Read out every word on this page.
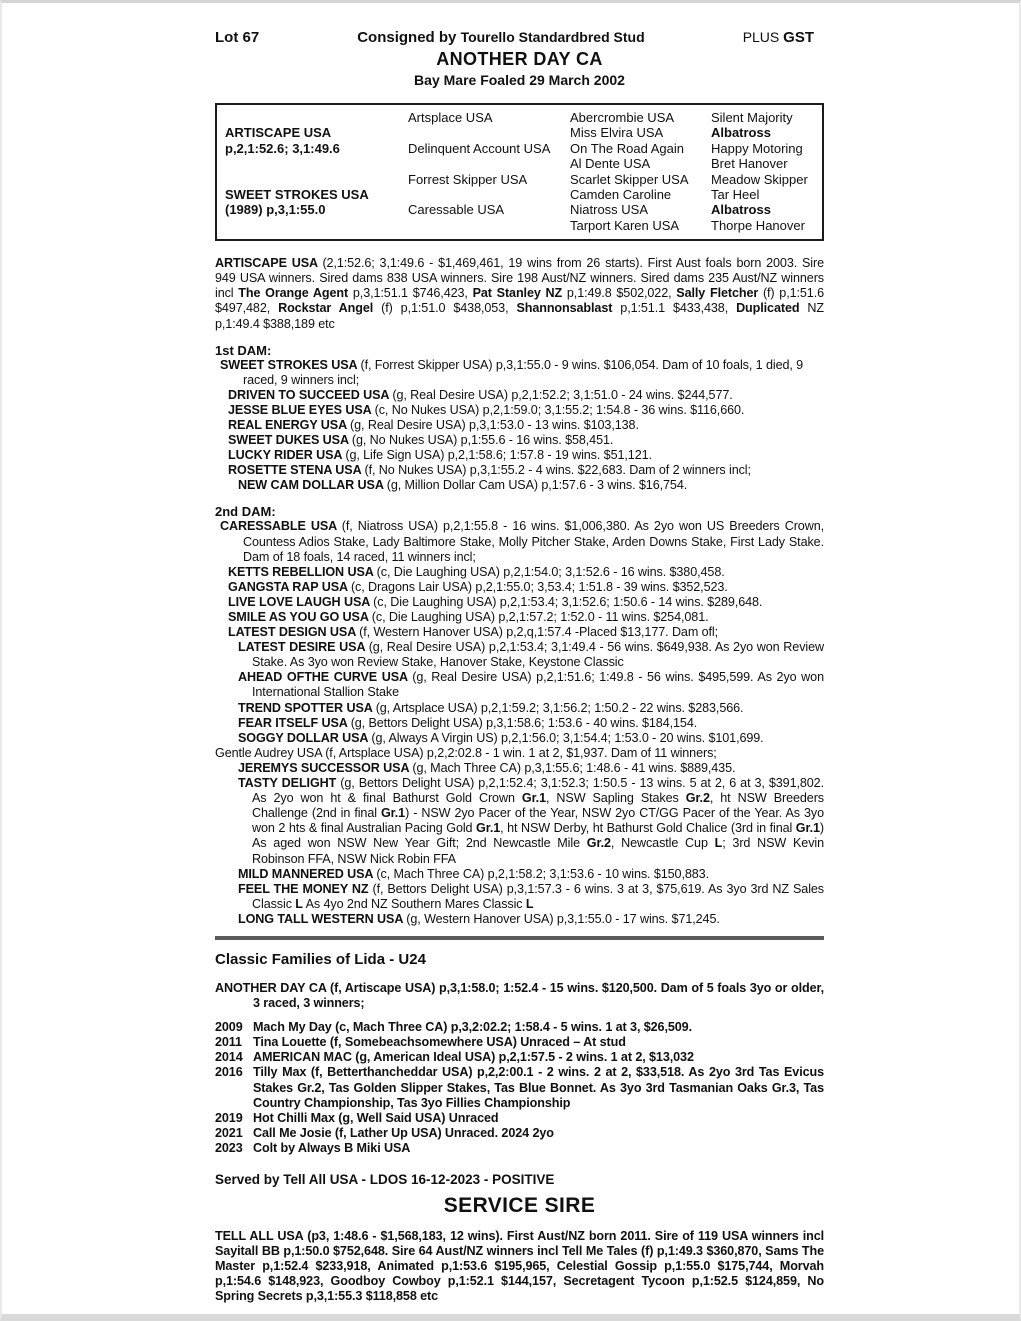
Lot 67	Consigned by Tourello Standardbred Stud	PLUS GST
ANOTHER DAY CA
Bay Mare Foaled 29 March 2002
ARTISCAPE USA
p,2,1:52.6; 3,1:49.6
SWEET STROKES USA
(1989) p,3,1:55.0
Artsplace USA
Delinquent Account USA
Forrest Skipper USA
Caressable USA
Abercrombie USA
Miss Elvira USA
On The Road Again
Al Dente USA
Scarlet Skipper USA
Camden Caroline
Niatross USA
Tarport Karen USA
Silent Majority
Albatross
Happy Motoring
Bret Hanover
Meadow Skipper
Tar Heel
Albatross
Thorpe Hanover

ARTISCAPE USA (2,1:52.6; 3,1:49.6 - $1,469,461, 19 wins from 26 starts). First Aust foals born 2003. Sire 949 USA winners. Sired dams 838 USA winners. Sire 198 Aust/NZ winners. Sired dams 235 Aust/NZ winners incl The Orange Agent p,3,1:51.1 $746,423, Pat Stanley NZ p,1:49.8 $502,022, Sally Fletcher (f) p,1:51.6 $497,482, Rockstar Angel (f) p,1:51.0 $438,053, Shannonsablast p,1:51.1 $433,438, Duplicated NZ p,1:49.4 $388,189 etc

1st DAM:

SWEET STROKES USA (f, Forrest Skipper USA) p,3,1:55.0 - 9 wins. $106,054. Dam of 10 foals, 1 died, 9 raced, 9 winners incl;

DRIVEN TO SUCCEED USA (g, Real Desire USA) p,2,1:52.2; 3,1:51.0 - 24 wins. $244,577.

JESSE BLUE EYES USA (c, No Nukes USA) p,2,1:59.0; 3,1:55.2; 1:54.8 - 36 wins. $116,660.

REAL ENERGY USA (g, Real Desire USA) p,3,1:53.0 - 13 wins. $103,138.

SWEET DUKES USA (g, No Nukes USA) p,1:55.6 - 16 wins. $58,451.

LUCKY RIDER USA (g, Life Sign USA) p,2,1:58.6; 1:57.8 - 19 wins. $51,121.

ROSETTE STENA USA (f, No Nukes USA) p,3,1:55.2 - 4 wins. $22,683. Dam of 2 winners incl;

NEW CAM DOLLAR USA (g, Million Dollar Cam USA) p,1:57.6 - 3 wins. $16,754.

2nd DAM:

CARESSABLE USA (f, Niatross USA) p,2,1:55.8 - 16 wins. $1,006,380. As 2yo won US Breeders Crown, Countess Adios Stake, Lady Baltimore Stake, Molly Pitcher Stake, Arden Downs Stake, First Lady Stake. Dam of 18 foals, 14 raced, 11 winners incl;

KETTS REBELLION USA (c, Die Laughing USA) p,2,1:54.0; 3,1:52.6 - 16 wins. $380,458.

GANGSTA RAP USA (c, Dragons Lair USA) p,2,1:55.0; 3,53.4; 1:51.8 - 39 wins. $352,523.

LIVE LOVE LAUGH USA (c, Die Laughing USA) p,2,1:53.4; 3,1:52.6; 1:50.6 - 14 wins. $289,648.

SMILE AS YOU GO USA (c, Die Laughing USA) p,2,1:57.2; 1:52.0 - 11 wins. $254,081.

LATEST DESIGN USA (f, Western Hanover USA) p,2,q,1:57.4 -Placed $13,177. Dam ofl;

LATEST DESIRE USA (g, Real Desire USA) p,2,1:53.4; 3,1:49.4 - 56 wins. $649,938. As 2yo won Review Stake. As 3yo won Review Stake, Hanover Stake, Keystone Classic

AHEAD OFTHE CURVE USA (g, Real Desire USA) p,2,1:51.6; 1:49.8 - 56 wins. $495,599. As 2yo won International Stallion Stake

TREND SPOTTER USA (g, Artsplace USA) p,2,1:59.2; 3,1:56.2; 1:50.2 - 22 wins. $283,566.

FEAR ITSELF USA (g, Bettors Delight USA) p,3,1:58.6; 1:53.6 - 40 wins. $184,154.

SOGGY DOLLAR USA (g, Always A Virgin US) p,2,1:56.0; 3,1:54.4; 1:53.0 - 20 wins. $101,699.

Gentle Audrey USA (f, Artsplace USA) p,2,2:02.8 - 1 win. 1 at 2, $1,937. Dam of 11 winners;

JEREMYS SUCCESSOR USA (g, Mach Three CA) p,3,1:55.6; 1:48.6 - 41 wins. $889,435.

TASTY DELIGHT (g, Bettors Delight USA) p,2,1:52.4; 3,1:52.3; 1:50.5 - 13 wins. 5 at 2, 6 at 3, $391,802. As 2yo won ht & final Bathurst Gold Crown Gr.1, NSW Sapling Stakes Gr.2, ht NSW Breeders Challenge (2nd in final Gr.1) - NSW 2yo Pacer of the Year, NSW 2yo CT/GG Pacer of the Year. As 3yo won 2 hts & final Australian Pacing Gold Gr.1, ht NSW Derby, ht Bathurst Gold Chalice (3rd in final Gr.1) As aged won NSW New Year Gift; 2nd Newcastle Mile Gr.2, Newcastle Cup L; 3rd NSW Kevin Robinson FFA, NSW Nick Robin FFA

MILD MANNERED USA (c, Mach Three CA) p,2,1:58.2; 3,1:53.6 - 10 wins. $150,883.

FEEL THE MONEY NZ (f, Bettors Delight USA) p,3,1:57.3 - 6 wins. 3 at 3, $75,619. As 3yo 3rd NZ Sales Classic L As 4yo 2nd NZ Southern Mares Classic L

LONG TALL WESTERN USA (g, Western Hanover USA) p,3,1:55.0 - 17 wins. $71,245.

Classic Families of Lida - U24

ANOTHER DAY CA (f, Artiscape USA) p,3,1:58.0; 1:52.4 - 15 wins. $120,500. Dam of 5 foals 3yo or older, 3 raced, 3 winners;

2009 Mach My Day (c, Mach Three CA) p,3,2:02.2; 1:58.4 - 5 wins. 1 at 3, $26,509.
2011 Tina Louette (f, Somebeachsomewhere USA) Unraced – At stud
2014 AMERICAN MAC (g, American Ideal USA) p,2,1:57.5 - 2 wins. 1 at 2, $13,032
2016 Tilly Max (f, Betterthancheddar USA) p,2,2:00.1 - 2 wins. 2 at 2, $33,518. As 2yo 3rd Tas Evicus Stakes Gr.2, Tas Golden Slipper Stakes, Tas Blue Bonnet. As 3yo 3rd Tasmanian Oaks Gr.3, Tas Country Championship, Tas 3yo Fillies Championship
2019 Hot Chilli Max (g, Well Said USA) Unraced
2021 Call Me Josie (f, Lather Up USA) Unraced. 2024 2yo
2023 Colt by Always B Miki USA
Served by Tell All USA - LDOS 16-12-2023 - POSITIVE
SERVICE SIRE

TELL ALL USA (p3, 1:48.6 - $1,568,183, 12 wins). First Aust/NZ born 2011. Sire of 119 USA winners incl Sayitall BB p,1:50.0 $752,648. Sire 64 Aust/NZ winners incl Tell Me Tales (f) p,1:49.3 $360,870, Sams The Master p,1:52.4 $233,918, Animated p,1:53.6 $195,965, Celestial Gossip p,1:55.0 $175,744, Morvah p,1:54.6 $148,923, Goodboy Cowboy p,1:52.1 $144,157, Secretagent Tycoon p,1:52.5 $124,859, No Spring Secrets p,3,1:55.3 $118,858 etc
